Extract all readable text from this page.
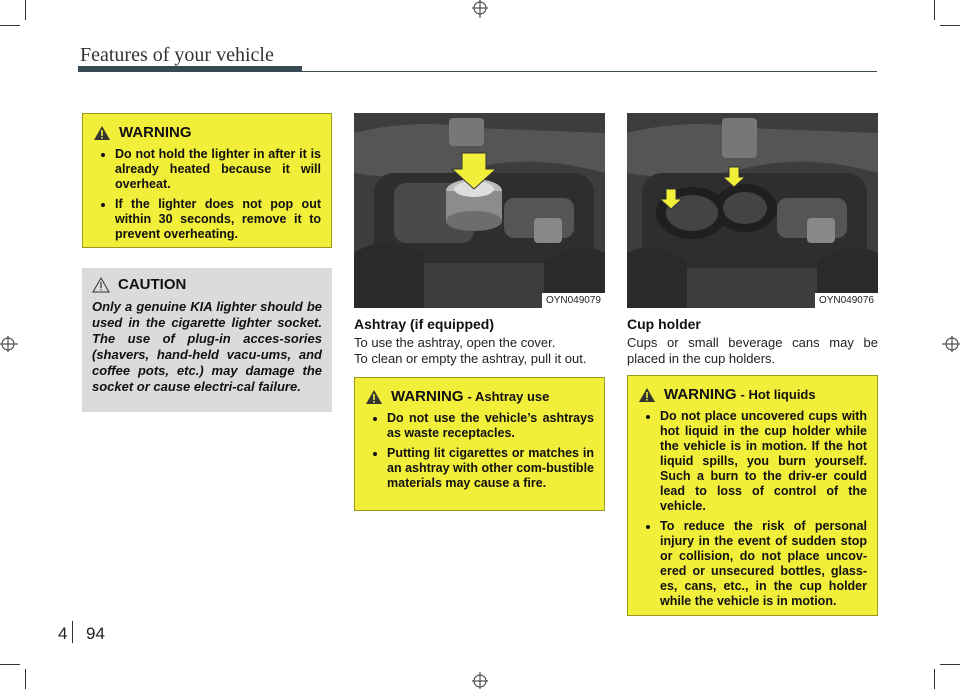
Features of your vehicle
WARNING
• Do not hold the lighter in after it is already heated because it will overheat.
• If the lighter does not pop out within 30 seconds, remove it to prevent overheating.
CAUTION
Only a genuine KIA lighter should be used in the cigarette lighter socket. The use of plug-in acces-sories (shavers, hand-held vacu-ums, and coffee pots, etc.) may damage the socket or cause electri-cal failure.
OYN049079
Ashtray (if equipped)
To use the ashtray, open the cover.
To clean or empty the ashtray, pull it out.
WARNING - Ashtray use
• Do not use the vehicle’s ashtrays as waste receptacles.
• Putting lit cigarettes or matches in an ashtray with other com-bustible materials may cause a fire.
OYN049076
Cup holder
Cups or small beverage cans may be placed in the cup holders.
WARNING - Hot liquids
• Do not place uncovered cups with hot liquid in the cup holder while the vehicle is in motion. If the hot liquid spills, you burn yourself. Such a burn to the driv-er could lead to loss of control of the vehicle.
• To reduce the risk of personal injury in the event of sudden stop or collision, do not place uncov-ered or unsecured bottles, glass-es, cans, etc., in the cup holder while the vehicle is in motion.
4 94
